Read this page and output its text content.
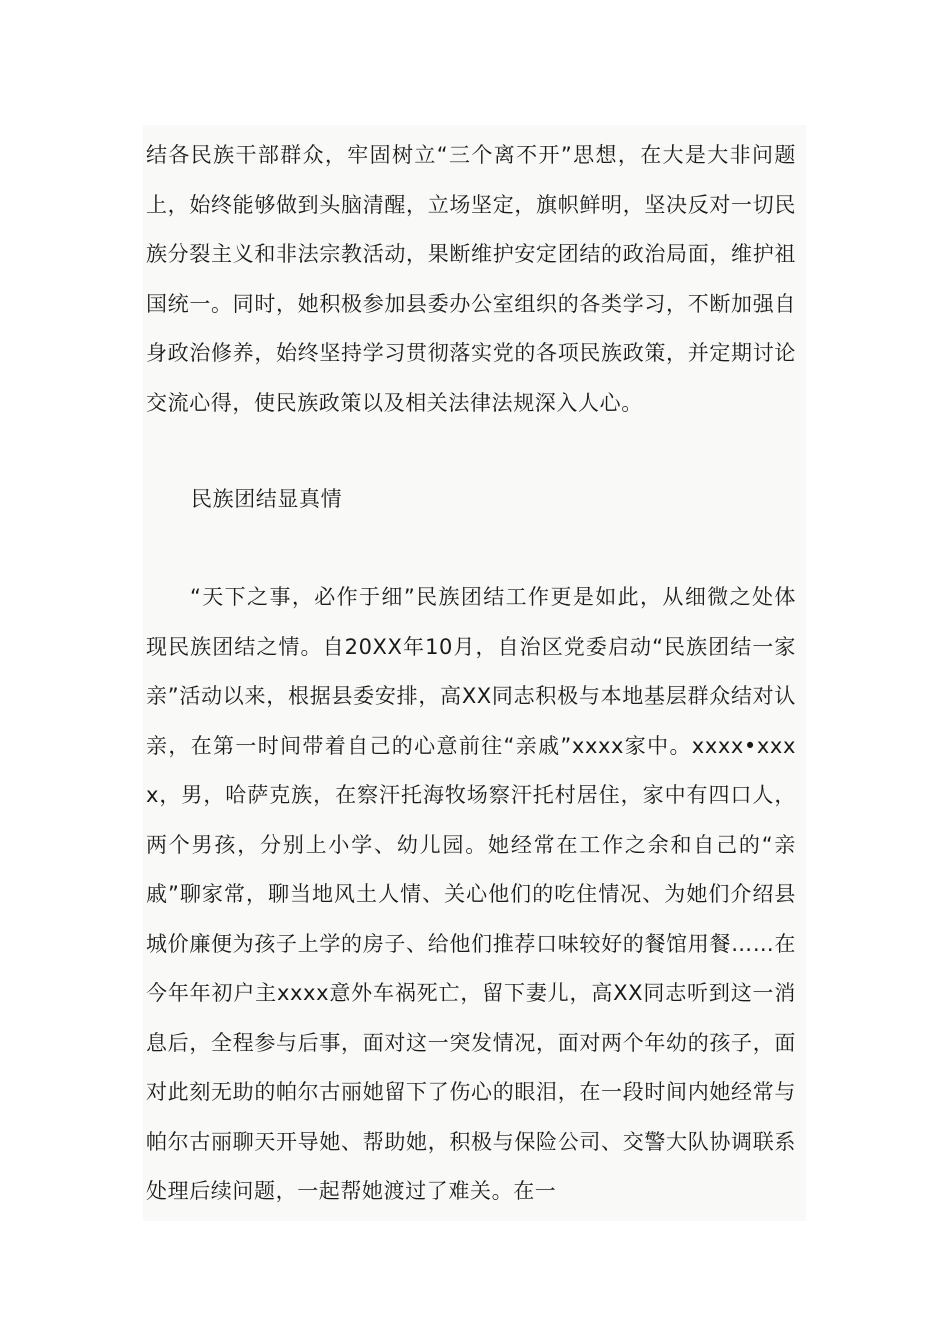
结各民族干部群众，牢固树立“三个离不开”思想，在大是大非问题上，始终能够做到头脑清醒，立场坚定，旗帜鲜明，坚决反对一切民族分裂主义和非法宗教活动，果断维护安定团结的政治局面，维护祖国统一。同时，她积极参加县委办公室组织的各类学习，不断加强自身政治修养，始终坚持学习贯彻落实党的各项民族政策，并定期讨论交流心得，使民族政策以及相关法律法规深入人心。

民族团结显真情

“天下之事，必作于细”民族团结工作更是如此，从细微之处体现民族团结之情。自20XX年10月，自治区党委启动“民族团结一家亲”活动以来，根据县委安排，高XX同志积极与本地基层群众结对认亲，在第一时间带着自己的心意前往“亲戚”xxxx家中。xxxx•xxxx，男，哈萨克族，在察汗托海牧场察汗托村居住，家中有四口人，两个男孩，分别上小学、幼儿园。她经常在工作之余和自己的“亲戚”聊家常，聊当地风土人情、关心他们的吃住情况、为她们介绍县城价廉便为孩子上学的房子、给他们推荐口味较好的餐馆用餐……在今年年初户主xxxx意外车祸死亡，留下妻儿，高XX同志听到这一消息后，全程参与后事，面对这一突发情况，面对两个年幼的孩子，面对此刻无助的帕尔古丽她留下了伤心的眼泪，在一段时间内她经常与帕尔古丽聊天开导她、帮助她，积极与保险公司、交警大队协调联系处理后续问题，一起帮她渡过了难关。在一
